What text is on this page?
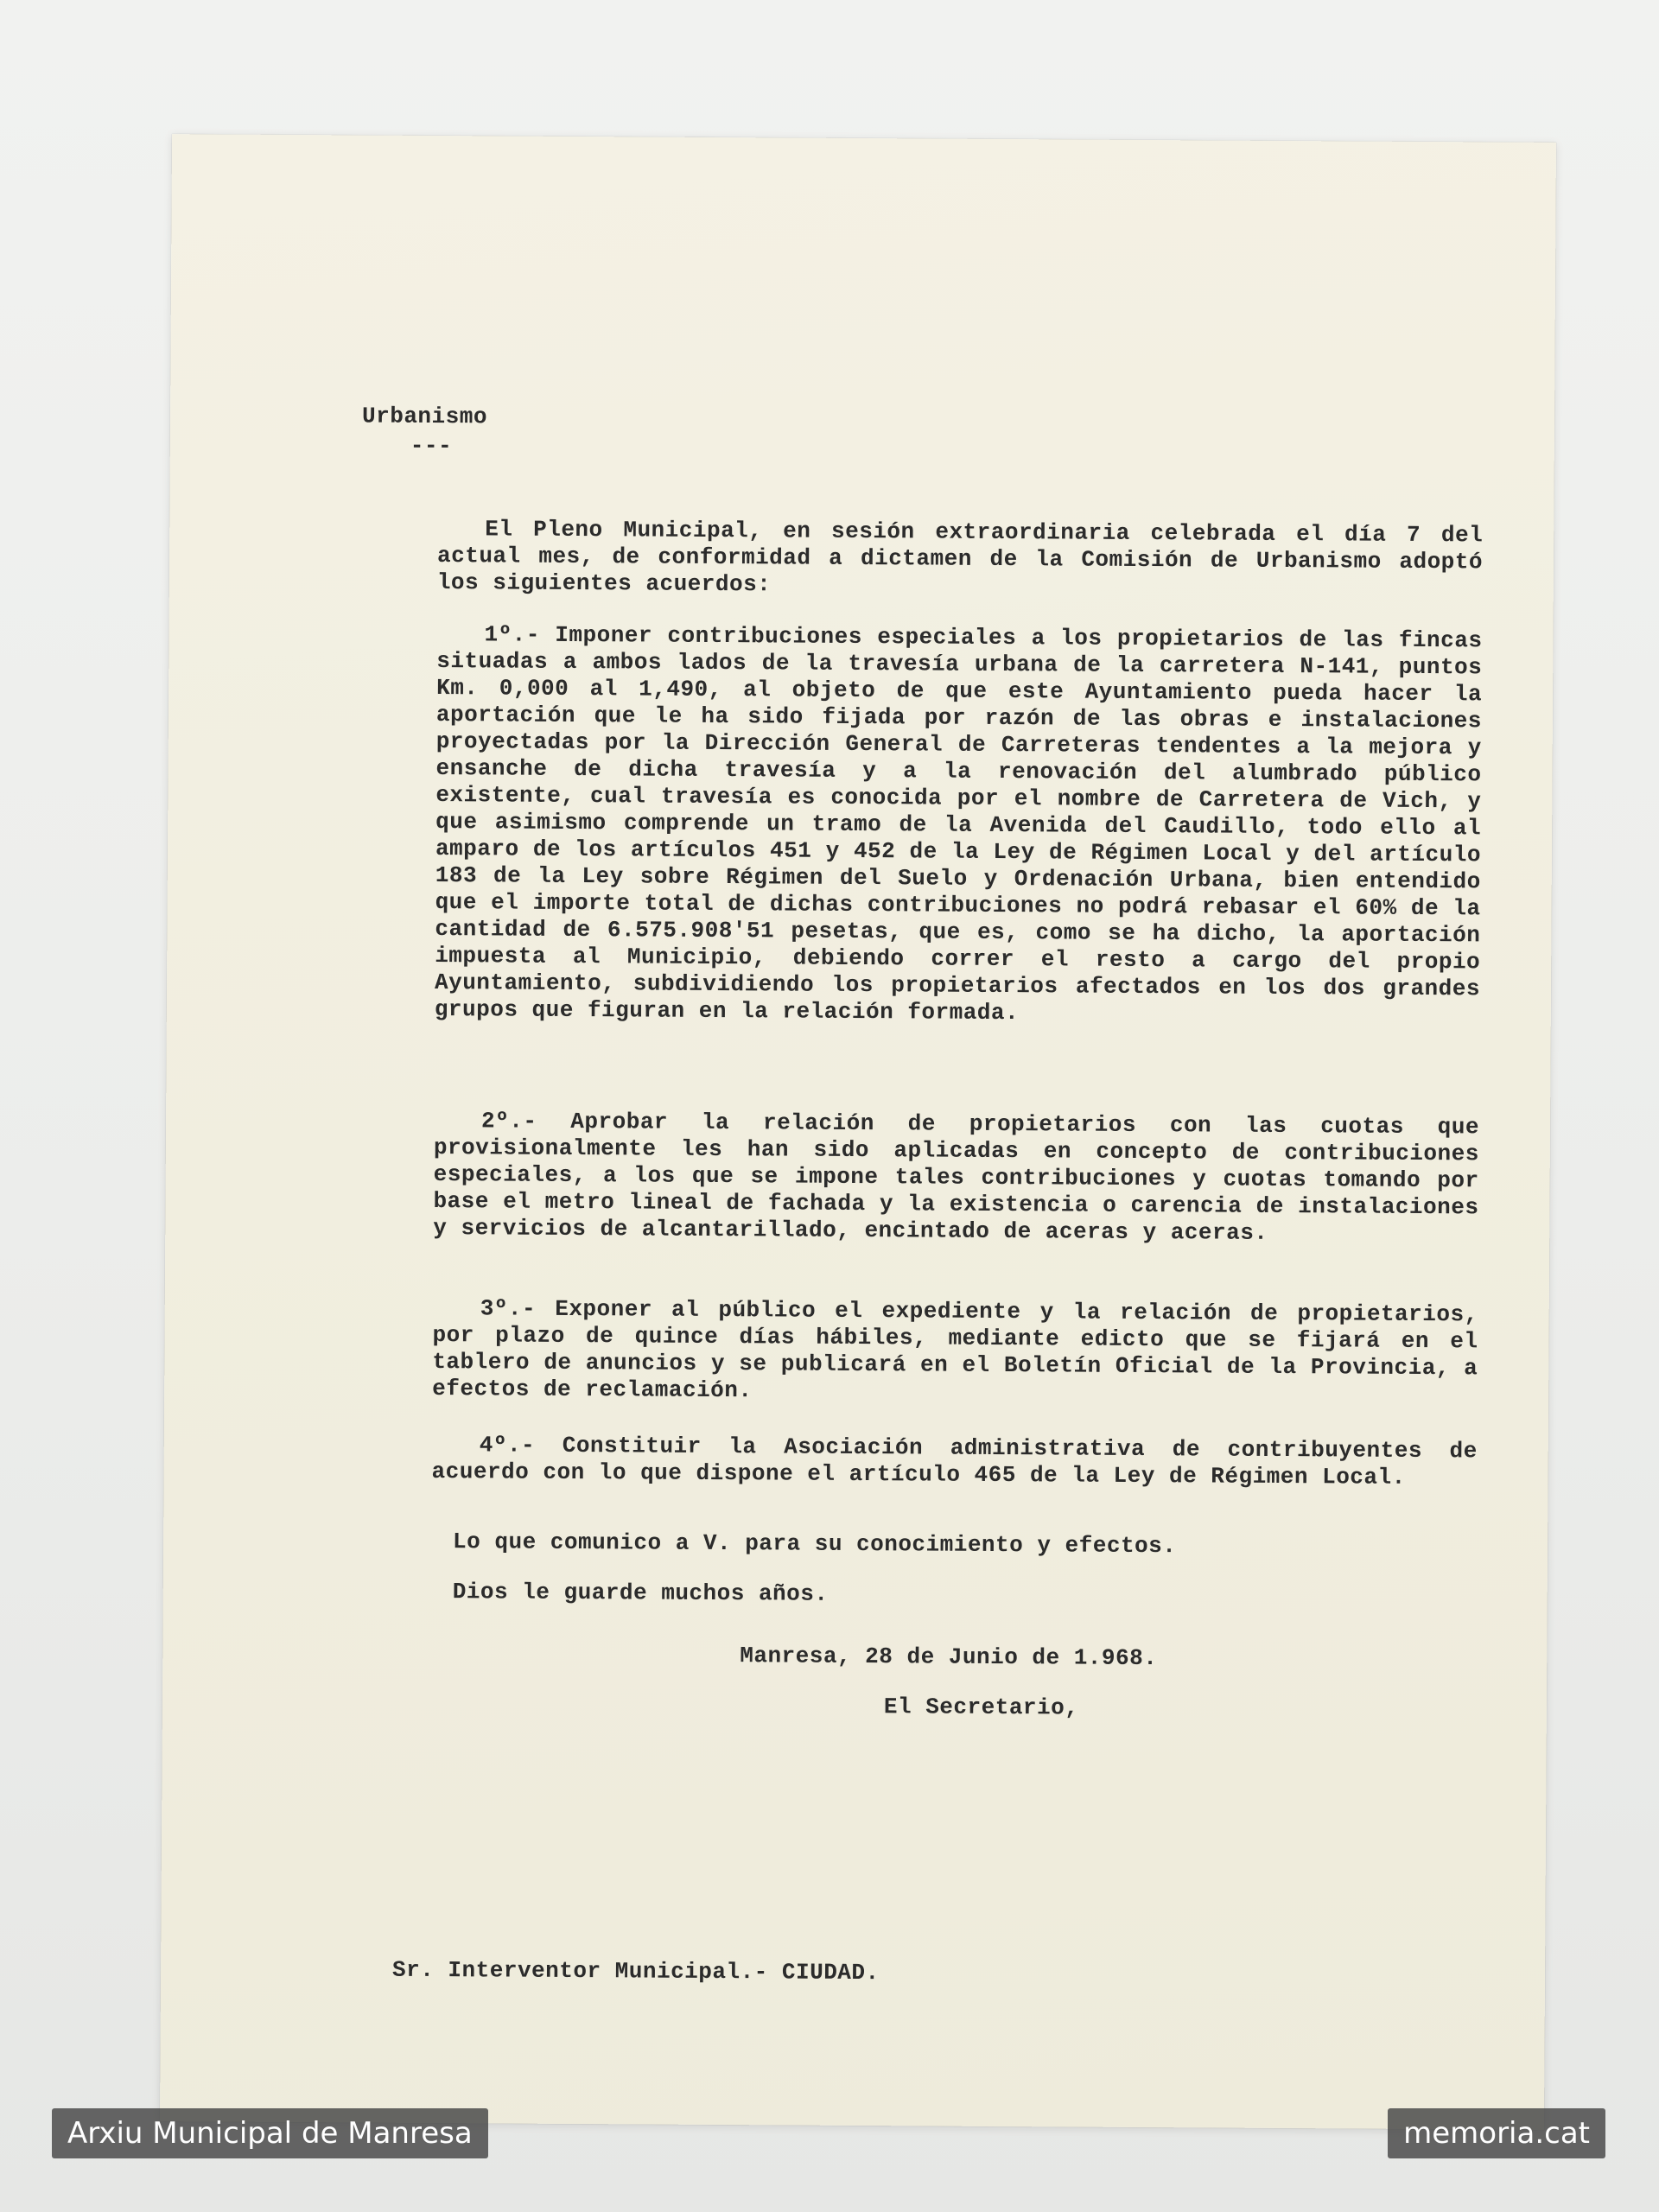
Urbanismo
---
El Pleno Municipal, en sesión extraordinaria celebrada el día 7 del actual mes, de conformidad a dictamen de la Comisión de Urbanismo adoptó los siguientes acuerdos:
1º.- Imponer contribuciones especiales a los propietarios de las fincas situadas a ambos lados de la travesía urbana de la carretera N-141, puntos Km. 0,000 al 1,490, al objeto de que este Ayuntamiento pueda hacer la aportación que le ha sido fijada por razón de las obras e instalaciones proyectadas por la Dirección General de Carreteras tendentes a la mejora y ensanche de dicha travesía y a la renovación del alumbrado público existente, cual travesía es conocida por el nombre de Carretera de Vich, y que asimismo comprende un tramo de la Avenida del Caudillo, todo ello al amparo de los artículos 451 y 452 de la Ley de Régimen Local y del artículo 183 de la Ley sobre Régimen del Suelo y Ordenación Urbana, bien entendido que el importe total de dichas contribuciones no podrá rebasar el 60% de la cantidad de 6.575.908'51 pesetas, que es, como se ha dicho, la aportación impuesta al Municipio, debiendo correr el resto a cargo del propio Ayuntamiento, subdividiendo los propietarios afectados en los dos grandes grupos que figuran en la relación formada.
2º.- Aprobar la relación de propietarios con las cuotas que provisionalmente les han sido aplicadas en concepto de contribuciones especiales, a los que se impone tales contribuciones y cuotas tomando por base el metro lineal de fachada y la existencia o carencia de instalaciones y servicios de alcantarillado, encintado de aceras y aceras.
3º.- Exponer al público el expediente y la relación de propietarios, por plazo de quince días hábiles, mediante edicto que se fijará en el tablero de anuncios y se publicará en el Boletín Oficial de la Provincia, a efectos de reclamación.
4º.- Constituir la Asociación administrativa de contribuyentes de acuerdo con lo que dispone el artículo 465 de la Ley de Régimen Local.
Lo que comunico a V. para su conocimiento y efectos.
Dios le guarde muchos años.
Manresa, 28 de Junio de 1.968.
El Secretario,
Sr. Interventor Municipal.- CIUDAD.
Arxiu Municipal de Manresa	memoria.cat
